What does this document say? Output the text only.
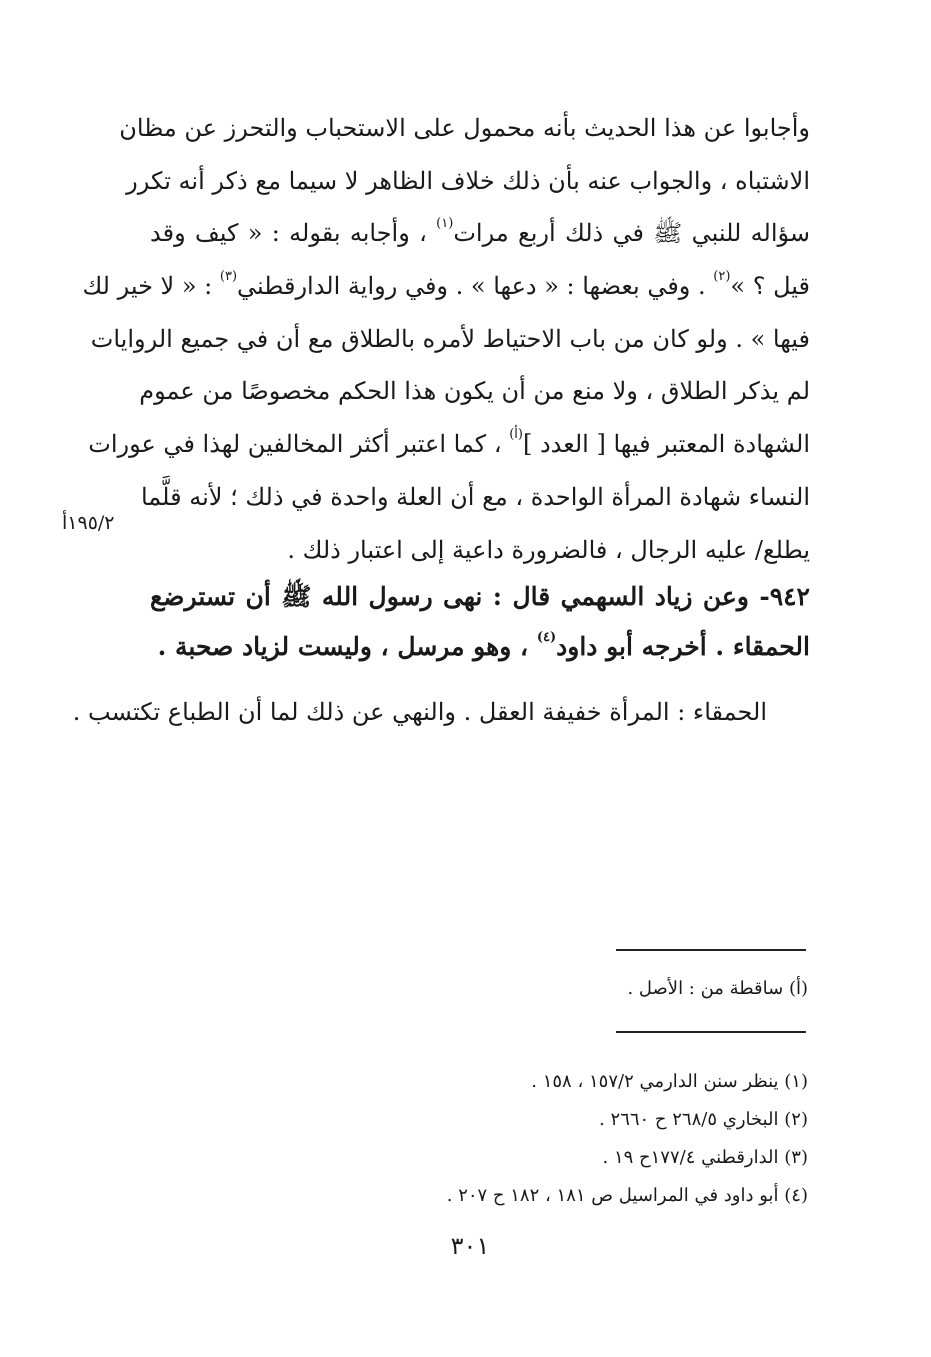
وأجابوا عن هذا الحديث بأنه محمول على الاستحباب والتحرز عن مظان
الاشتباه ، والجواب عنه بأن ذلك خلاف الظاهر لا سيما مع ذكر أنه تكرر
سؤاله للنبي ﷺ في ذلك أربع مرات$^{(١)}$ ، وأجابه بقوله : « كيف وقد
قيل ؟ »$^{(٢)}$ . وفي بعضها : « دعها » . وفي رواية الدارقطني$^{(٣)}$ : « لا خير لك
فيها » . ولو كان من باب الاحتياط لأمره بالطلاق مع أن في جميع الروايات
لم يذكر الطلاق ، ولا منع من أن يكون هذا الحكم مخصوصًا من عموم
الشهادة المعتبر فيها [ العدد ]$^{(أ)}$ ، كما اعتبر أكثر المخالفين لهذا في عورات
النساء شهادة المرأة الواحدة ، مع أن العلة واحدة في ذلك ؛ لأنه قلَّما
يطلع/ عليه الرجال ، فالضرورة داعية إلى اعتبار ذلك .
١٩٥/٢أ
٩٤٢- وعن زياد السهمي قال : نهى رسول الله ﷺ أن تسترضع
الحمقاء . أخرجه أبو داود$^{(٤)}$ ، وهو مرسل ، وليست لزياد صحبة .
الحمقاء : المرأة خفيفة العقل . والنهي عن ذلك لما أن الطباع تكتسب .
(أ) ساقطة من : الأصل .
(١) ينظر سنن الدارمي ١٥٧/٢ ، ١٥٨ .
(٢) البخاري ٢٦٨/٥ ح ٢٦٦٠ .
(٣) الدارقطني ١٧٧/٤ح ١٩ .
(٤) أبو داود في المراسيل ص ١٨١ ، ١٨٢ ح ٢٠٧ .
٣٠١
